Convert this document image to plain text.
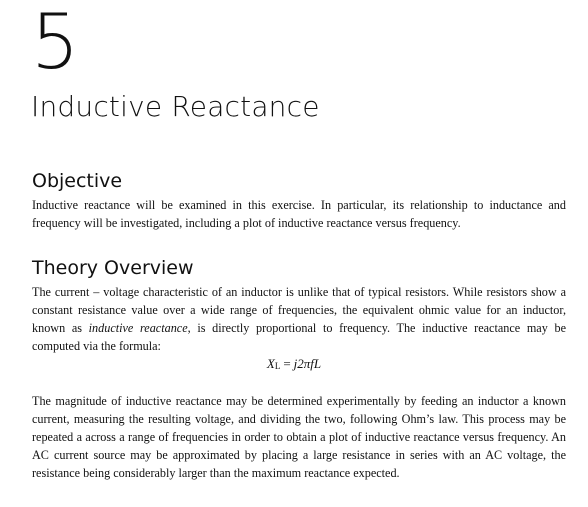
5
Inductive Reactance
Objective
Inductive reactance will be examined in this exercise. In particular, its relationship to inductance and frequency will be investigated, including a plot of inductive reactance versus frequency.
Theory Overview
The current – voltage characteristic of an inductor is unlike that of typical resistors. While resistors show a constant resistance value over a wide range of frequencies, the equivalent ohmic value for an inductor, known as inductive reactance, is directly proportional to frequency. The inductive reactance may be computed via the formula:
XL = j2πfL
The magnitude of inductive reactance may be determined experimentally by feeding an inductor a known current, measuring the resulting voltage, and dividing the two, following Ohm’s law. This process may be repeated a across a range of frequencies in order to obtain a plot of inductive reactance versus frequency. An AC current source may be approximated by placing a large resistance in series with an AC voltage, the resistance being considerably larger than the maximum reactance expected.
